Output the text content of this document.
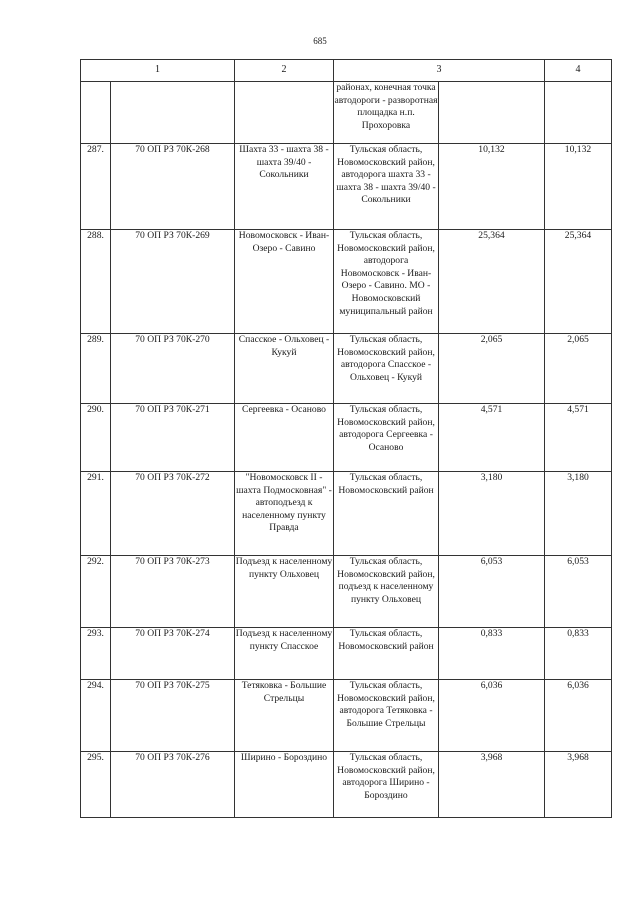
685
1		2	3		4
			районах, конечная точка автодороги - разворотная площадка н.п. Прохоровка		
287.	70 ОП РЗ 70К-268	Шахта 33 - шахта 38 - шахта 39/40 - Сокольники	Тульская область, Новомосковский район, автодорога шахта 33 - шахта 38 - шахта 39/40 - Сокольники	10,132	10,132
288.	70 ОП РЗ 70К-269	Новомосковск - Иван-Озеро - Савино	Тульская область, Новомосковский район, автодорога Новомосковск - Иван-Озеро - Савино. МО - Новомосковский муниципальный район	25,364	25,364
289.	70 ОП РЗ 70К-270	Спасское - Ольховец - Кукуй	Тульская область, Новомосковский район, автодорога Спасское - Ольховец - Кукуй	2,065	2,065
290.	70 ОП РЗ 70К-271	Сергеевка - Осаново	Тульская область, Новомосковский район, автодорога Сергеевка - Осаново	4,571	4,571
291.	70 ОП РЗ 70К-272	"Новомосковск II - шахта Подмосковная" - автоподъезд к населенному пункту Правда	Тульская область, Новомосковский район	3,180	3,180
292.	70 ОП РЗ 70К-273	Подъезд к населенному пункту Ольховец	Тульская область, Новомосковский район, подъезд к населенному пункту Ольховец	6,053	6,053
293.	70 ОП РЗ 70К-274	Подъезд к населенному пункту Спасское	Тульская область, Новомосковский район	0,833	0,833
294.	70 ОП РЗ 70К-275	Тетяковка - Большие Стрельцы	Тульская область, Новомосковский район, автодорога Тетяковка - Большие Стрельцы	6,036	6,036
295.	70 ОП РЗ 70К-276	Ширино - Бороздино	Тульская область, Новомосковский район, автодорога Ширино - Бороздино	3,968	3,968
